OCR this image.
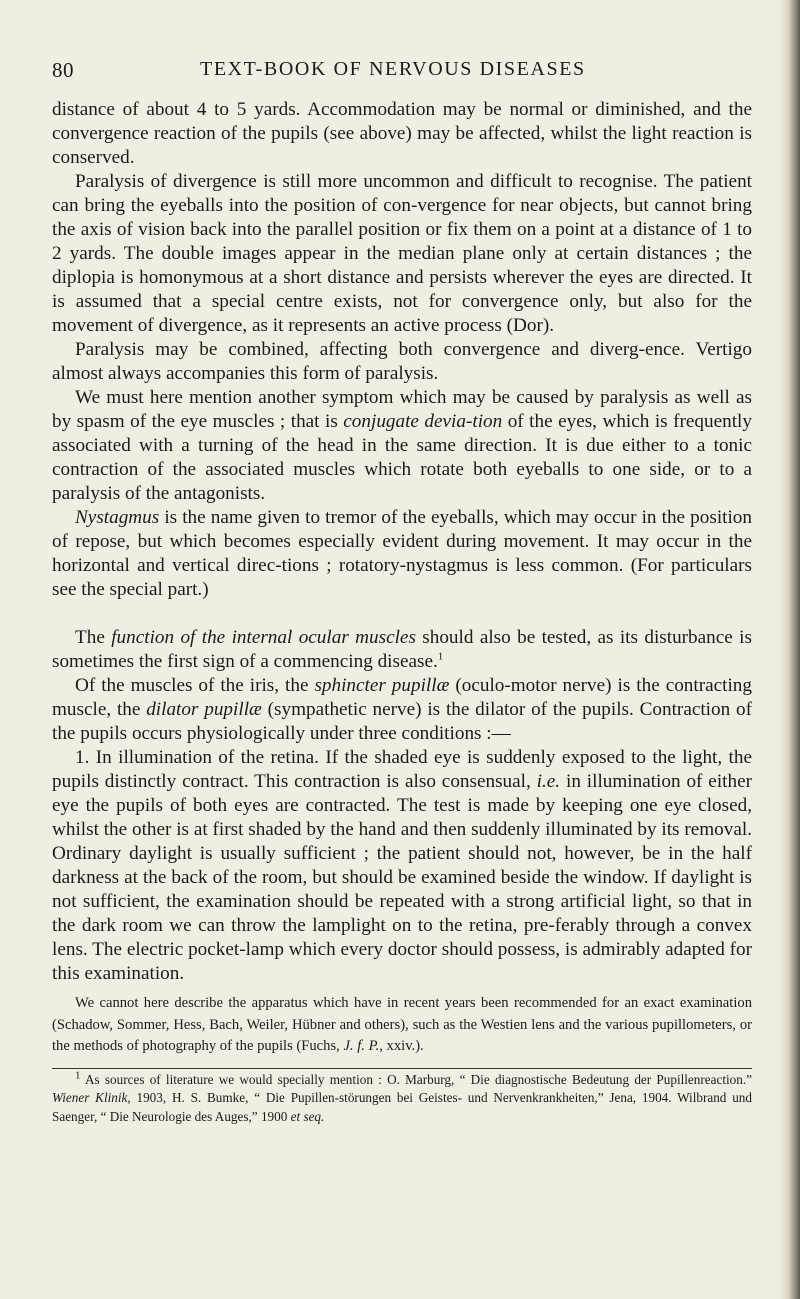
80	TEXT-BOOK OF NERVOUS DISEASES

distance of about 4 to 5 yards. Accommodation may be normal or diminished, and the convergence reaction of the pupils (see above) may be affected, whilst the light reaction is conserved.

Paralysis of divergence is still more uncommon and difficult to recognise. The patient can bring the eyeballs into the position of con-vergence for near objects, but cannot bring the axis of vision back into the parallel position or fix them on a point at a distance of 1 to 2 yards. The double images appear in the median plane only at certain distances ; the diplopia is homonymous at a short distance and persists wherever the eyes are directed. It is assumed that a special centre exists, not for convergence only, but also for the movement of divergence, as it represents an active process (Dor).

Paralysis may be combined, affecting both convergence and diverg-ence. Vertigo almost always accompanies this form of paralysis.

We must here mention another symptom which may be caused by paralysis as well as by spasm of the eye muscles ; that is conjugate devia-tion of the eyes, which is frequently associated with a turning of the head in the same direction. It is due either to a tonic contraction of the associated muscles which rotate both eyeballs to one side, or to a paralysis of the antagonists.

Nystagmus is the name given to tremor of the eyeballs, which may occur in the position of repose, but which becomes especially evident during movement. It may occur in the horizontal and vertical direc-tions ; rotatory-nystagmus is less common. (For particulars see the special part.)

The function of the internal ocular muscles should also be tested, as its disturbance is sometimes the first sign of a commencing disease.$^1$

Of the muscles of the iris, the sphincter pupillæ (oculo-motor nerve) is the contracting muscle, the dilator pupillæ (sympathetic nerve) is the dilator of the pupils. Contraction of the pupils occurs physiologically under three conditions :—

1. In illumination of the retina. If the shaded eye is suddenly exposed to the light, the pupils distinctly contract. This contraction is also consensual, i.e. in illumination of either eye the pupils of both eyes are contracted. The test is made by keeping one eye closed, whilst the other is at first shaded by the hand and then suddenly illuminated by its removal. Ordinary daylight is usually sufficient ; the patient should not, however, be in the half darkness at the back of the room, but should be examined beside the window. If daylight is not sufficient, the examination should be repeated with a strong artificial light, so that in the dark room we can throw the lamplight on to the retina, pre-ferably through a convex lens. The electric pocket-lamp which every doctor should possess, is admirably adapted for this examination.

We cannot here describe the apparatus which have in recent years been recommended for an exact examination (Schadow, Sommer, Hess, Bach, Weiler, Hübner and others), such as the Westien lens and the various pupillometers, or the methods of photography of the pupils (Fuchs, J. f. P., xxiv.).

$^1$ As sources of literature we would specially mention : O. Marburg, “ Die diagnostische Bedeutung der Pupillenreaction.” Wiener Klinik, 1903, H. S. Bumke, “ Die Pupillen-störungen bei Geistes- und Nervenkrankheiten,” Jena, 1904. Wilbrand und Saenger, “ Die Neurologie des Auges,” 1900 et seq.
